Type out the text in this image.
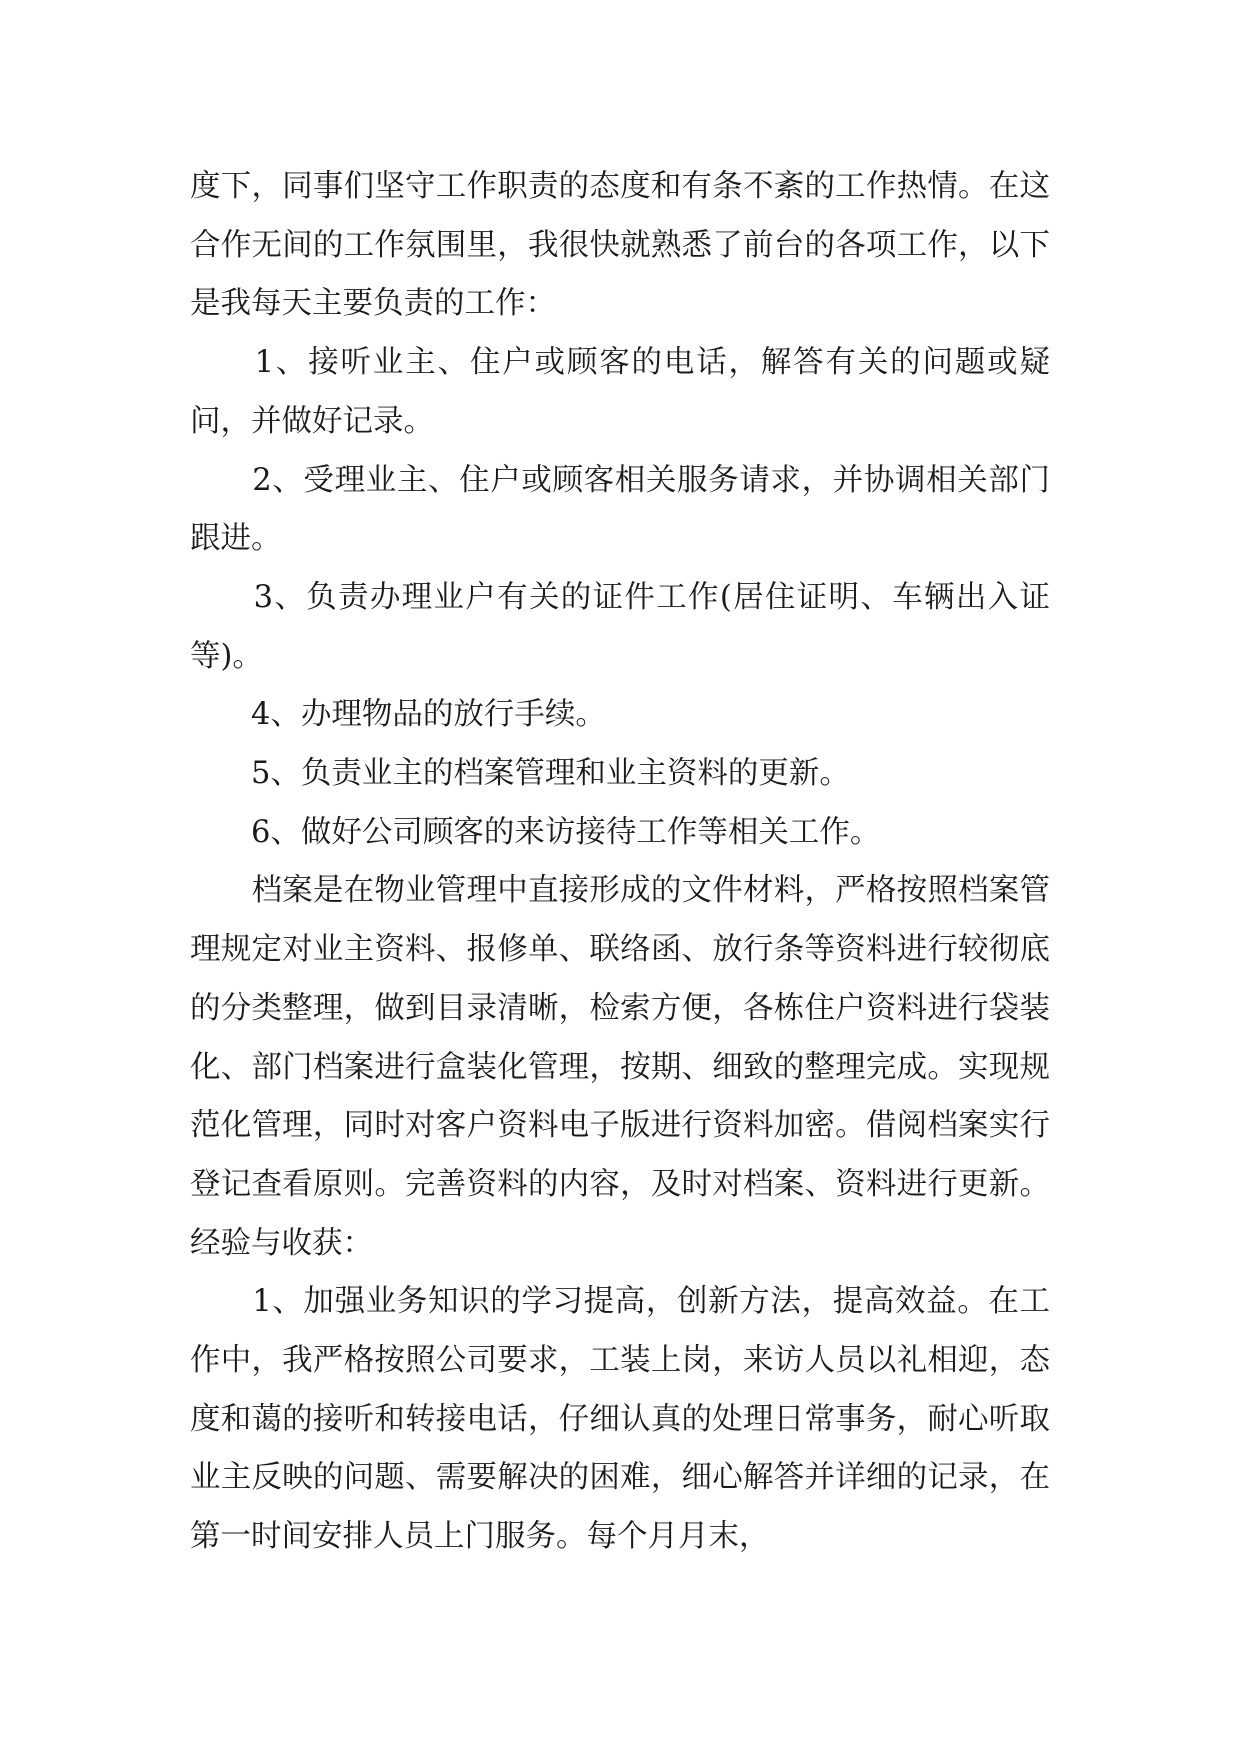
度下，同事们坚守工作职责的态度和有条不紊的工作热情。在这合作无间的工作氛围里，我很快就熟悉了前台的各项工作，以下是我每天主要负责的工作：

　　1、接听业主、住户或顾客的电话，解答有关的问题或疑问，并做好记录。

　　2、受理业主、住户或顾客相关服务请求，并协调相关部门跟进。

　　3、负责办理业户有关的证件工作(居住证明、车辆出入证等)。

　　4、办理物品的放行手续。

　　5、负责业主的档案管理和业主资料的更新。

　　6、做好公司顾客的来访接待工作等相关工作。

　　档案是在物业管理中直接形成的文件材料，严格按照档案管理规定对业主资料、报修单、联络函、放行条等资料进行较彻底的分类整理，做到目录清晰，检索方便，各栋住户资料进行袋装化、部门档案进行盒装化管理，按期、细致的整理完成。实现规范化管理，同时对客户资料电子版进行资料加密。借阅档案实行登记查看原则。完善资料的内容，及时对档案、资料进行更新。经验与收获：

　　1、加强业务知识的学习提高，创新方法，提高效益。在工作中，我严格按照公司要求，工装上岗，来访人员以礼相迎，态度和蔼的接听和转接电话，仔细认真的处理日常事务，耐心听取业主反映的问题、需要解决的困难，细心解答并详细的记录，在第一时间安排人员上门服务。每个月月末，
